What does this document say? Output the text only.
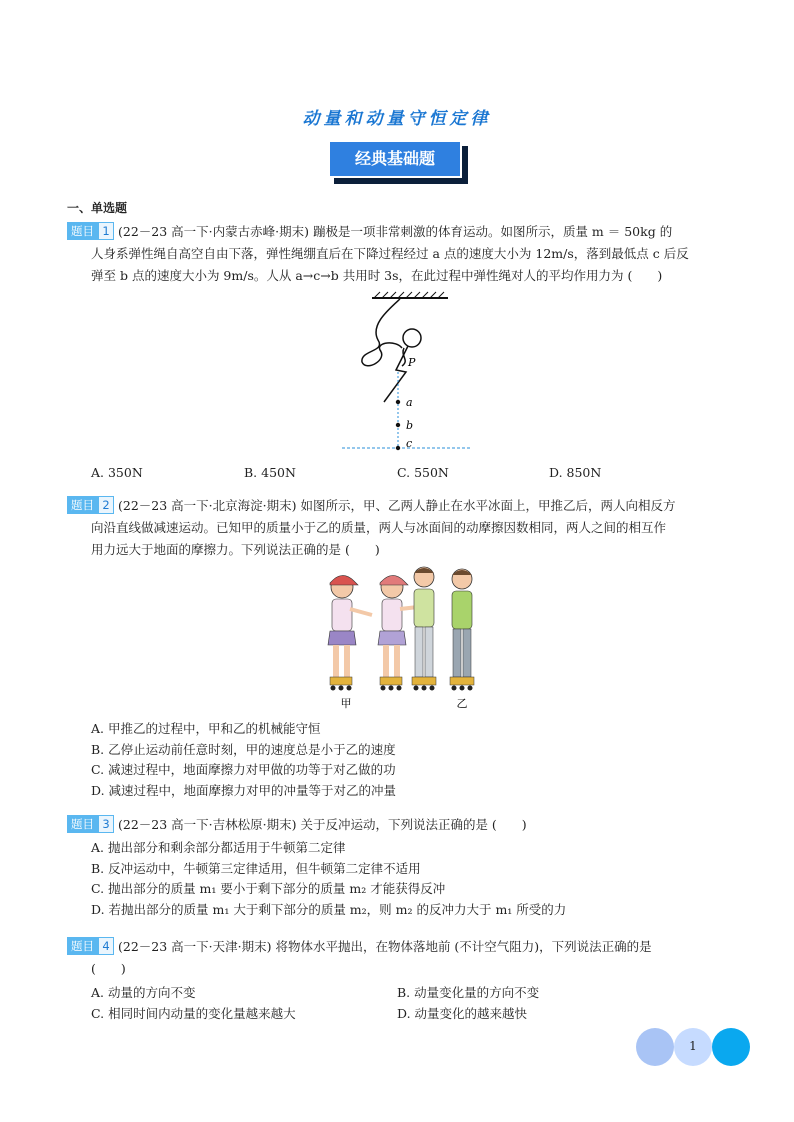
动量和动量守恒定律
经典基础题
一、单选题
题目 1 (22－23 高一下·内蒙古赤峰·期末) 蹦极是一项非常刺激的体育运动。如图所示，质量 m ＝ 50kg 的
人身系弹性绳自高空自由下落，弹性绳绷直后在下降过程经过 a 点的速度大小为 12m/s，落到最低点 c 后反
弹至 b 点的速度大小为 9m/s。人从 a→c→b 共用时 3s，在此过程中弹性绳对人的平均作用力为 (　　)
P
a
b
c
A. 350N	B. 450N	C. 550N	D. 850N
题目 2 (22－23 高一下·北京海淀·期末) 如图所示，甲、乙两人静止在水平冰面上，甲推乙后，两人向相反方
向沿直线做减速运动。已知甲的质量小于乙的质量，两人与冰面间的动摩擦因数相同，两人之间的相互作
用力远大于地面的摩擦力。下列说法正确的是 (　　)
甲	乙
A. 甲推乙的过程中，甲和乙的机械能守恒
B. 乙停止运动前任意时刻，甲的速度总是小于乙的速度
C. 减速过程中，地面摩擦力对甲做的功等于对乙做的功
D. 减速过程中，地面摩擦力对甲的冲量等于对乙的冲量
题目 3 (22－23 高一下·吉林松原·期末) 关于反冲运动，下列说法正确的是 (　　)
A. 抛出部分和剩余部分都适用于牛顿第二定律
B. 反冲运动中，牛顿第三定律适用，但牛顿第二定律不适用
C. 抛出部分的质量 m₁ 要小于剩下部分的质量 m₂ 才能获得反冲
D. 若抛出部分的质量 m₁ 大于剩下部分的质量 m₂，则 m₂ 的反冲力大于 m₁ 所受的力
题目 4 (22－23 高一下·天津·期末) 将物体水平抛出，在物体落地前 (不计空气阻力)，下列说法正确的是
(　　)
A. 动量的方向不变	B. 动量变化量的方向不变
C. 相同时间内动量的变化量越来越大	D. 动量变化的越来越快
1
